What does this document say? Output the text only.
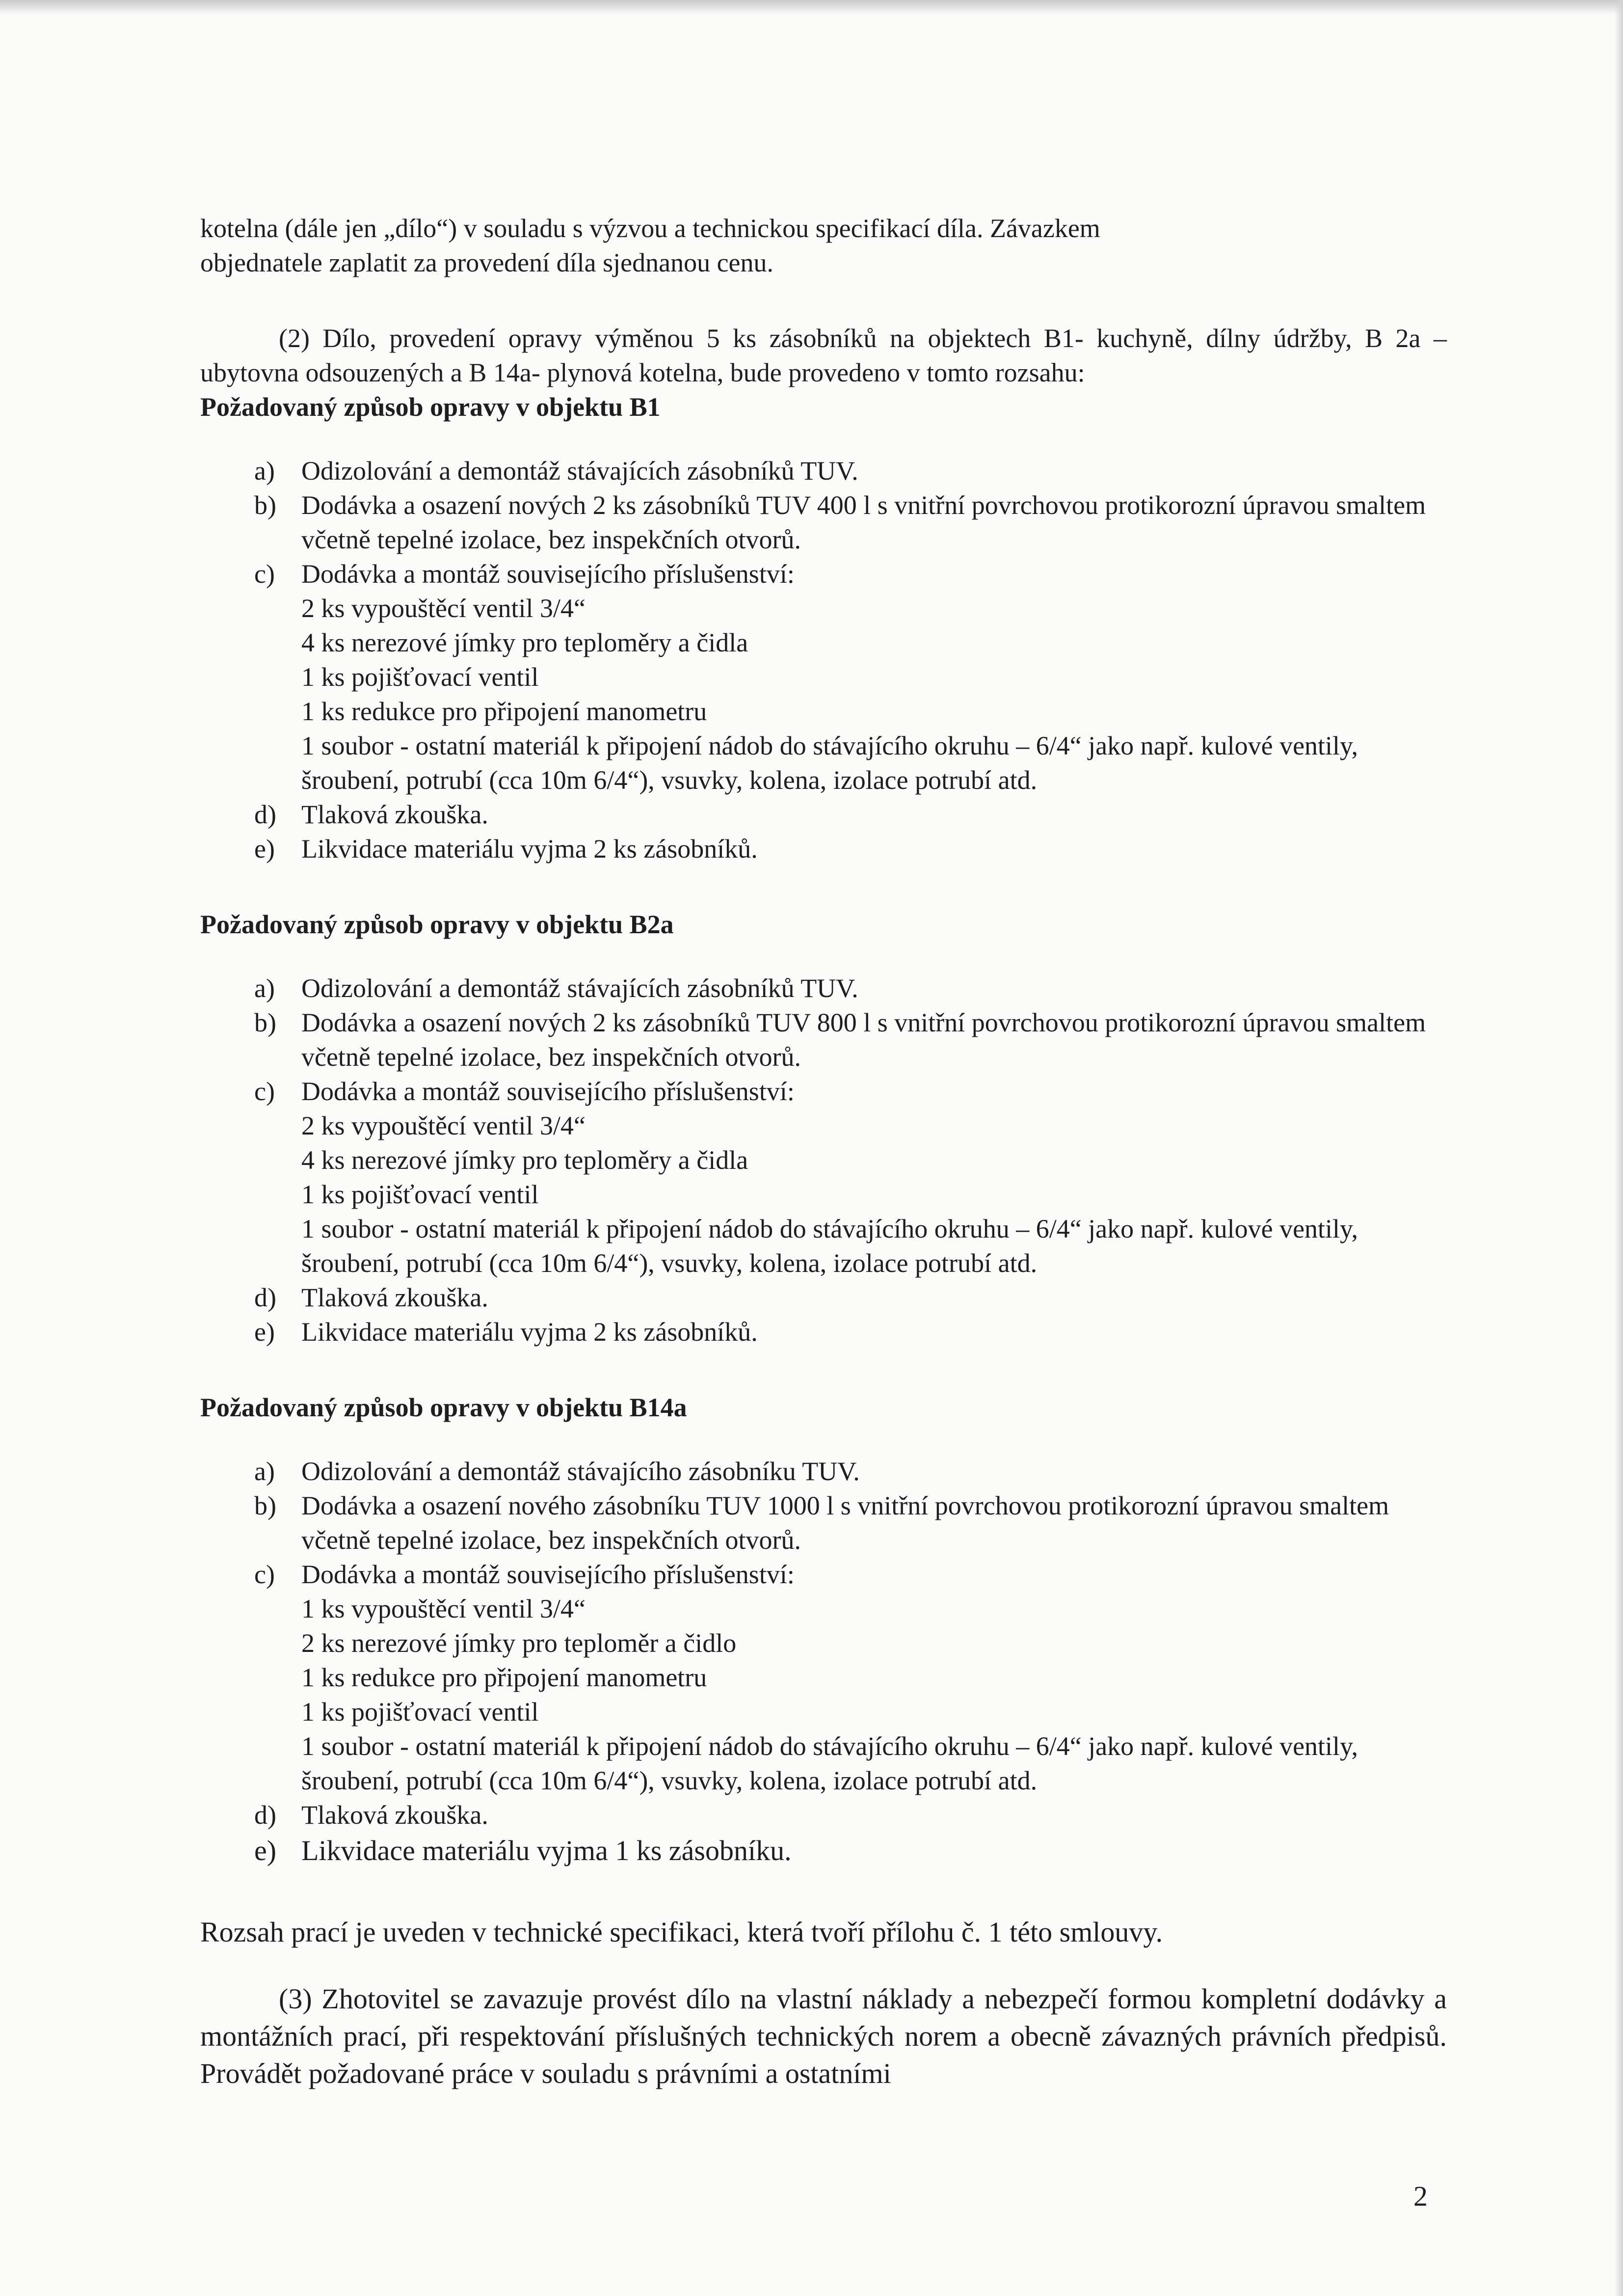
kotelna (dále jen „dílo“) v souladu s výzvou a technickou specifikací díla. Závazkem
objednatele zaplatit za provedení díla sjednanou cenu.

(2) Dílo, provedení opravy výměnou 5 ks zásobníků na objektech B1- kuchyně, dílny údržby, B 2a – ubytovna odsouzených a B 14a- plynová kotelna, bude provedeno v tomto rozsahu:

Požadovaný způsob opravy v objektu B1

a) Odizolování a demontáž stávajících zásobníků TUV.
b) Dodávka a osazení nových 2 ks zásobníků TUV 400 l s vnitřní povrchovou protikorozní úpravou smaltem včetně tepelné izolace, bez inspekčních otvorů.
c) Dodávka a montáž souvisejícího příslušenství:
2 ks vypouštěcí ventil 3/4“
4 ks nerezové jímky pro teploměry a čidla
1 ks pojišťovací ventil
1 ks redukce pro připojení manometru
1 soubor - ostatní materiál k připojení nádob do stávajícího okruhu – 6/4“ jako např. kulové ventily, šroubení, potrubí (cca 10m 6/4“), vsuvky, kolena, izolace potrubí atd.
d) Tlaková zkouška.
e) Likvidace materiálu vyjma 2 ks zásobníků.

Požadovaný způsob opravy v objektu B2a

a) Odizolování a demontáž stávajících zásobníků TUV.
b) Dodávka a osazení nových 2 ks zásobníků TUV 800 l s vnitřní povrchovou protikorozní úpravou smaltem včetně tepelné izolace, bez inspekčních otvorů.
c) Dodávka a montáž souvisejícího příslušenství:
2 ks vypouštěcí ventil 3/4“
4 ks nerezové jímky pro teploměry a čidla
1 ks pojišťovací ventil
1 soubor - ostatní materiál k připojení nádob do stávajícího okruhu – 6/4“ jako např. kulové ventily, šroubení, potrubí (cca 10m 6/4“), vsuvky, kolena, izolace potrubí atd.
d) Tlaková zkouška.
e) Likvidace materiálu vyjma 2 ks zásobníků.

Požadovaný způsob opravy v objektu B14a

a) Odizolování a demontáž stávajícího zásobníku TUV.
b) Dodávka a osazení nového zásobníku TUV 1000 l s vnitřní povrchovou protikorozní úpravou smaltem včetně tepelné izolace, bez inspekčních otvorů.
c) Dodávka a montáž souvisejícího příslušenství:
1 ks vypouštěcí ventil 3/4“
2 ks nerezové jímky pro teploměr a čidlo
1 ks redukce pro připojení manometru
1 ks pojišťovací ventil
1 soubor - ostatní materiál k připojení nádob do stávajícího okruhu – 6/4“ jako např. kulové ventily, šroubení, potrubí (cca 10m 6/4“), vsuvky, kolena, izolace potrubí atd.
d) Tlaková zkouška.
e) Likvidace materiálu vyjma 1 ks zásobníku.

Rozsah prací je uveden v technické specifikaci, která tvoří přílohu č. 1 této smlouvy.

(3) Zhotovitel se zavazuje provést dílo na vlastní náklady a nebezpečí formou kompletní dodávky a montážních prací, při respektování příslušných technických norem a obecně závazných právních předpisů. Provádět požadované práce v souladu s právními a ostatními

2
